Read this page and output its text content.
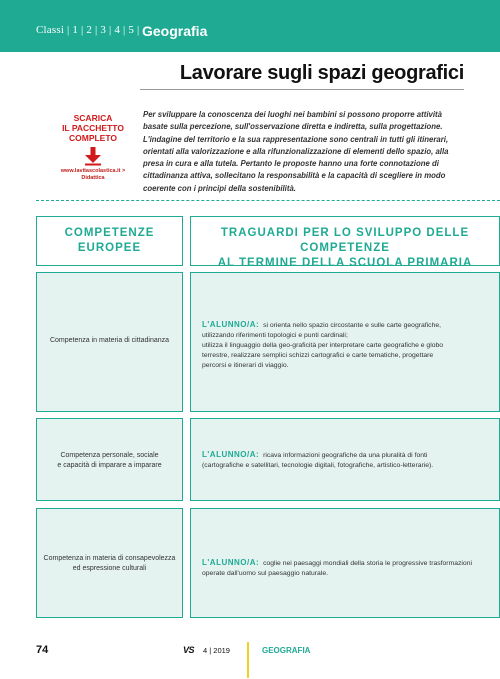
Classi | 1 | 2 | 3 | 4 | 5 | Geografia
Lavorare sugli spazi geografici
SCARICA
IL PACCHETTO
COMPLETO
www.lavitascolastica.it >
Didattica
Per sviluppare la conoscenza dei luoghi nei bambini si possono proporre attività basate sulla percezione, sull'osservazione diretta e indiretta, sulla progettazione. L'indagine del territorio e la sua rappresentazione sono centrali in tutti gli itinerari, orientati alla valorizzazione e alla rifunzionalizzazione di elementi dello spazio, alla presa in cura e alla tutela. Pertanto le proposte hanno una forte connotazione di cittadinanza attiva, sollecitano la responsabilità e la capacità di scegliere in modo coerente con i principi della sostenibilità.
COMPETENZE
EUROPEE
TRAGUARDI PER LO SVILUPPO DELLE COMPETENZE
AL TERMINE DELLA SCUOLA PRIMARIA
Competenza in materia di cittadinanza
L'ALUNNO/A: si orienta nello spazio circostante e sulle carte geografiche,
utilizzando riferimenti topologici e punti cardinali;
utilizza il linguaggio della geo-graficità per interpretare carte geografiche e globo
terrestre, realizzare semplici schizzi cartografici e carte tematiche, progettare
percorsi e itinerari di viaggio.
Competenza personale, sociale
e capacità di imparare a imparare
L'ALUNNO/A: ricava informazioni geografiche da una pluralità di fonti
(cartografiche e satellitari, tecnologie digitali, fotografiche, artistico-letterarie).
Competenza in materia di consapevolezza
ed espressione culturali
L'ALUNNO/A: coglie nei paesaggi mondiali della storia le progressive trasformazioni
operate dall'uomo sul paesaggio naturale.
74	VS 4 | 2019	GEOGRAFIA
